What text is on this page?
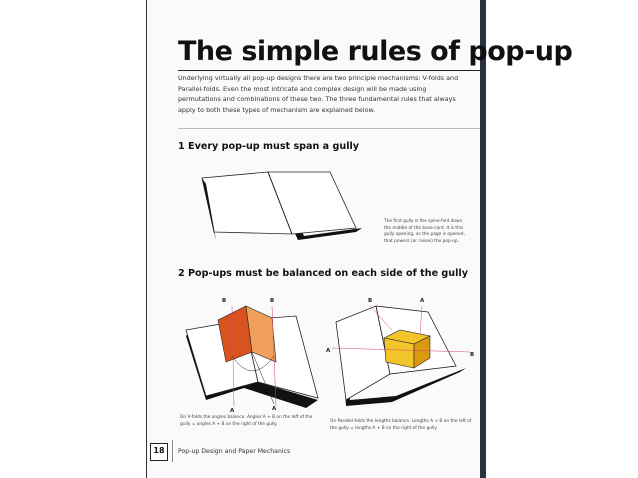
The simple rules of pop-up
Underlying virtually all pop-up designs there are two principle mechanisms: V-folds and Parallel-folds. Even the most intricate and complex design will be made using permutations and combinations of these two. The three fundamental rules that always apply to both these types of mechanism are explained below.
1 Every pop-up must span a gully
The first gully is the spine-fold down the middle of the base-card. It is this gully opening, as the page is opened, that powers (or raises) the pop-up.
2 Pop-ups must be balanced on each side of the gully
On V-folds the angles balance. Angles A + B on the left of the gully = angles A + B on the right of the gully.
On Parallel-folds the lengths balance. Lengths A + B on the left of the gully = lengths A + B on the right of the gully.
B	B
A	A
B	A
A
B
18	Pop-up Design and Paper Mechanics
